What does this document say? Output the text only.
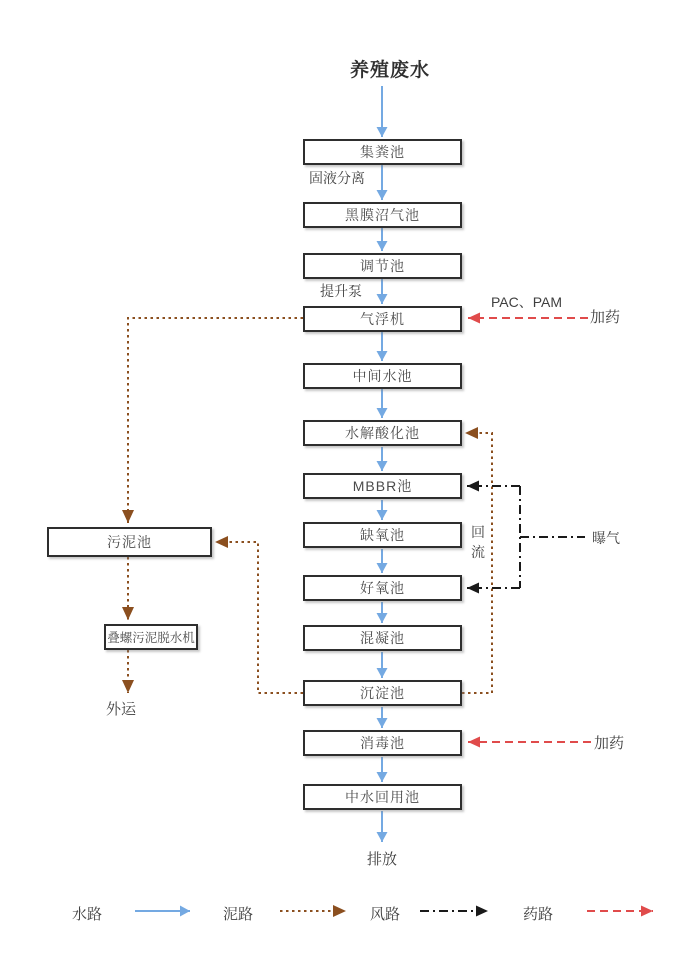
养殖废水
集粪池
黑膜沼气池
调节池
气浮机
中间水池
水解酸化池
MBBR池
缺氧池
好氧池
混凝池
沉淀池
消毒池
中水回用池
污泥池
叠螺污泥脱水机
固液分离
提升泵
PAC、PAM
加药
加药
回流
曝气
排放
外运
水路	泥路	风路	药路
